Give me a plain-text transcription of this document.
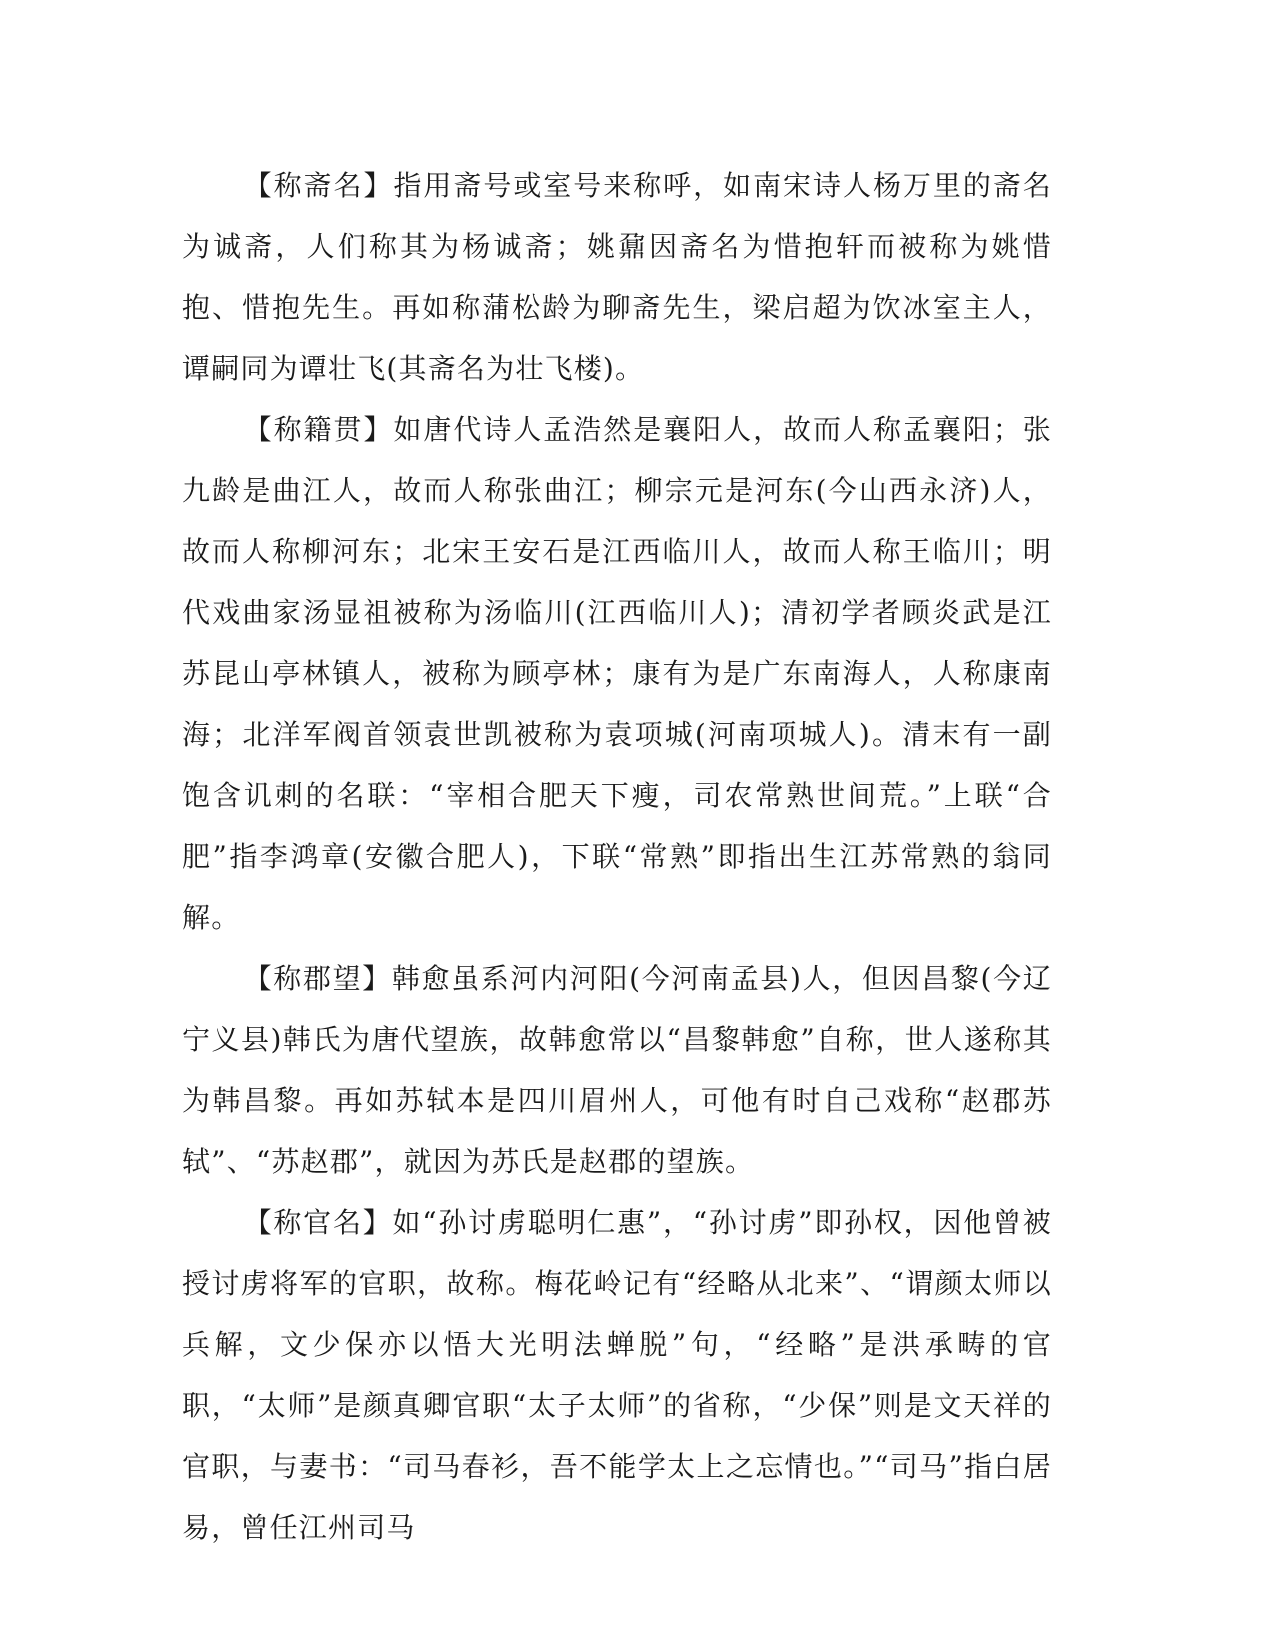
【称斋名】指用斋号或室号来称呼，如南宋诗人杨万里的斋名为诚斋，人们称其为杨诚斋；姚鼐因斋名为惜抱轩而被称为姚惜抱、惜抱先生。再如称蒲松龄为聊斋先生，梁启超为饮冰室主人，谭嗣同为谭壮飞(其斋名为壮飞楼)。

【称籍贯】如唐代诗人孟浩然是襄阳人，故而人称孟襄阳；张九龄是曲江人，故而人称张曲江；柳宗元是河东(今山西永济)人，故而人称柳河东；北宋王安石是江西临川人，故而人称王临川；明代戏曲家汤显祖被称为汤临川(江西临川人)；清初学者顾炎武是江苏昆山亭林镇人，被称为顾亭林；康有为是广东南海人，人称康南海；北洋军阀首领袁世凯被称为袁项城(河南项城人)。清末有一副饱含讥刺的名联：“宰相合肥天下瘦，司农常熟世间荒。”上联“合肥”指李鸿章(安徽合肥人)，下联“常熟”即指出生江苏常熟的翁同解。

【称郡望】韩愈虽系河内河阳(今河南孟县)人，但因昌黎(今辽宁义县)韩氏为唐代望族，故韩愈常以“昌黎韩愈”自称，世人遂称其为韩昌黎。再如苏轼本是四川眉州人，可他有时自己戏称“赵郡苏轼”、“苏赵郡”，就因为苏氏是赵郡的望族。

【称官名】如“孙讨虏聪明仁惠”，“孙讨虏”即孙权，因他曾被授讨虏将军的官职，故称。梅花岭记有“经略从北来”、“谓颜太师以兵解，文少保亦以悟大光明法蝉脱”句，“经略”是洪承畴的官职，“太师”是颜真卿官职“太子太师”的省称，“少保”则是文天祥的官职，与妻书：“司马春衫，吾不能学太上之忘情也。”“司马”指白居易，曾任江州司马
